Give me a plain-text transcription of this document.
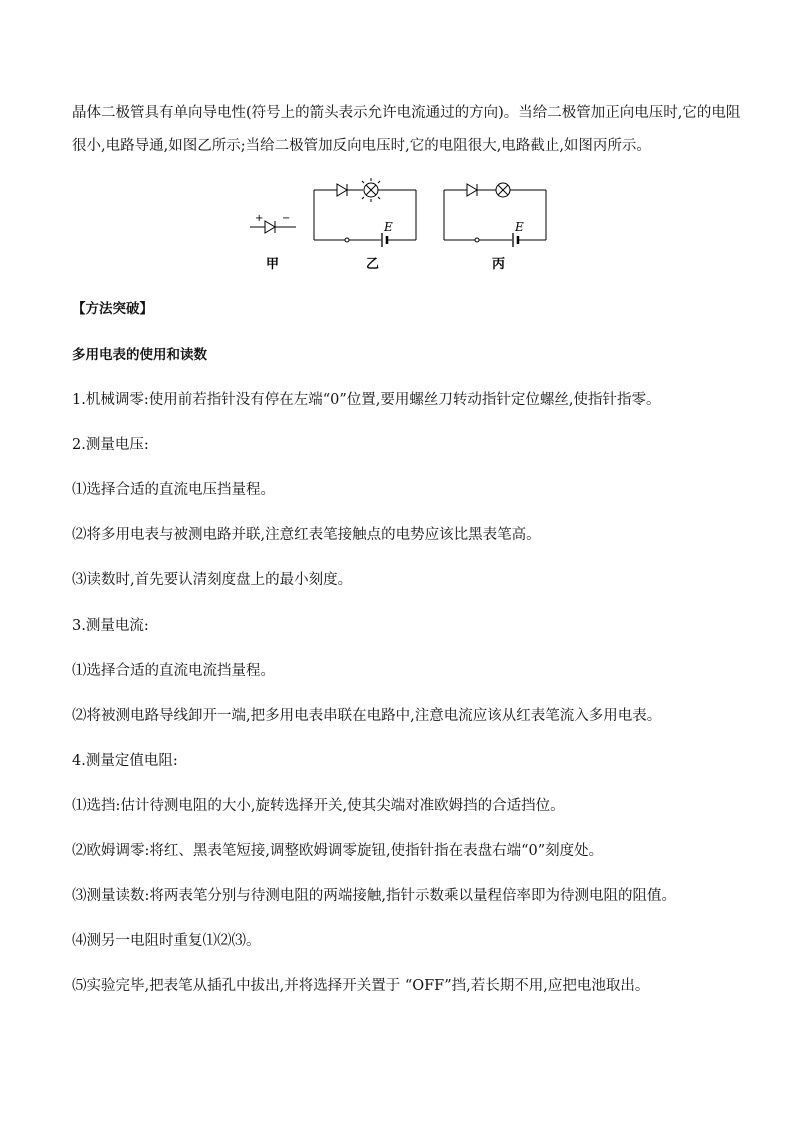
晶体二极管具有单向导电性(符号上的箭头表示允许电流通过的方向)。当给二极管加正向电压时,它的电阻
很小,电路导通,如图乙所示;当给二极管加反向电压时,它的电阻很大,电路截止,如图丙所示。
+ −
E	E
甲	乙	丙
【方法突破】
多用电表的使用和读数
1.机械调零:使用前若指针没有停在左端“0”位置,要用螺丝刀转动指针定位螺丝,使指针指零。
2.测量电压:
⑴选择合适的直流电压挡量程。
⑵将多用电表与被测电路并联,注意红表笔接触点的电势应该比黑表笔高。
⑶读数时,首先要认清刻度盘上的最小刻度。
3.测量电流:
⑴选择合适的直流电流挡量程。
⑵将被测电路导线卸开一端,把多用电表串联在电路中,注意电流应该从红表笔流入多用电表。
4.测量定值电阻:
⑴选挡:估计待测电阻的大小,旋转选择开关,使其尖端对准欧姆挡的合适挡位。
⑵欧姆调零:将红、黑表笔短接,调整欧姆调零旋钮,使指针指在表盘右端“0”刻度处。
⑶测量读数:将两表笔分别与待测电阻的两端接触,指针示数乘以量程倍率即为待测电阻的阻值。
⑷测另一电阻时重复⑴⑵⑶。
⑸实验完毕,把表笔从插孔中拔出,并将选择开关置于 “OFF”挡,若长期不用,应把电池取出。
